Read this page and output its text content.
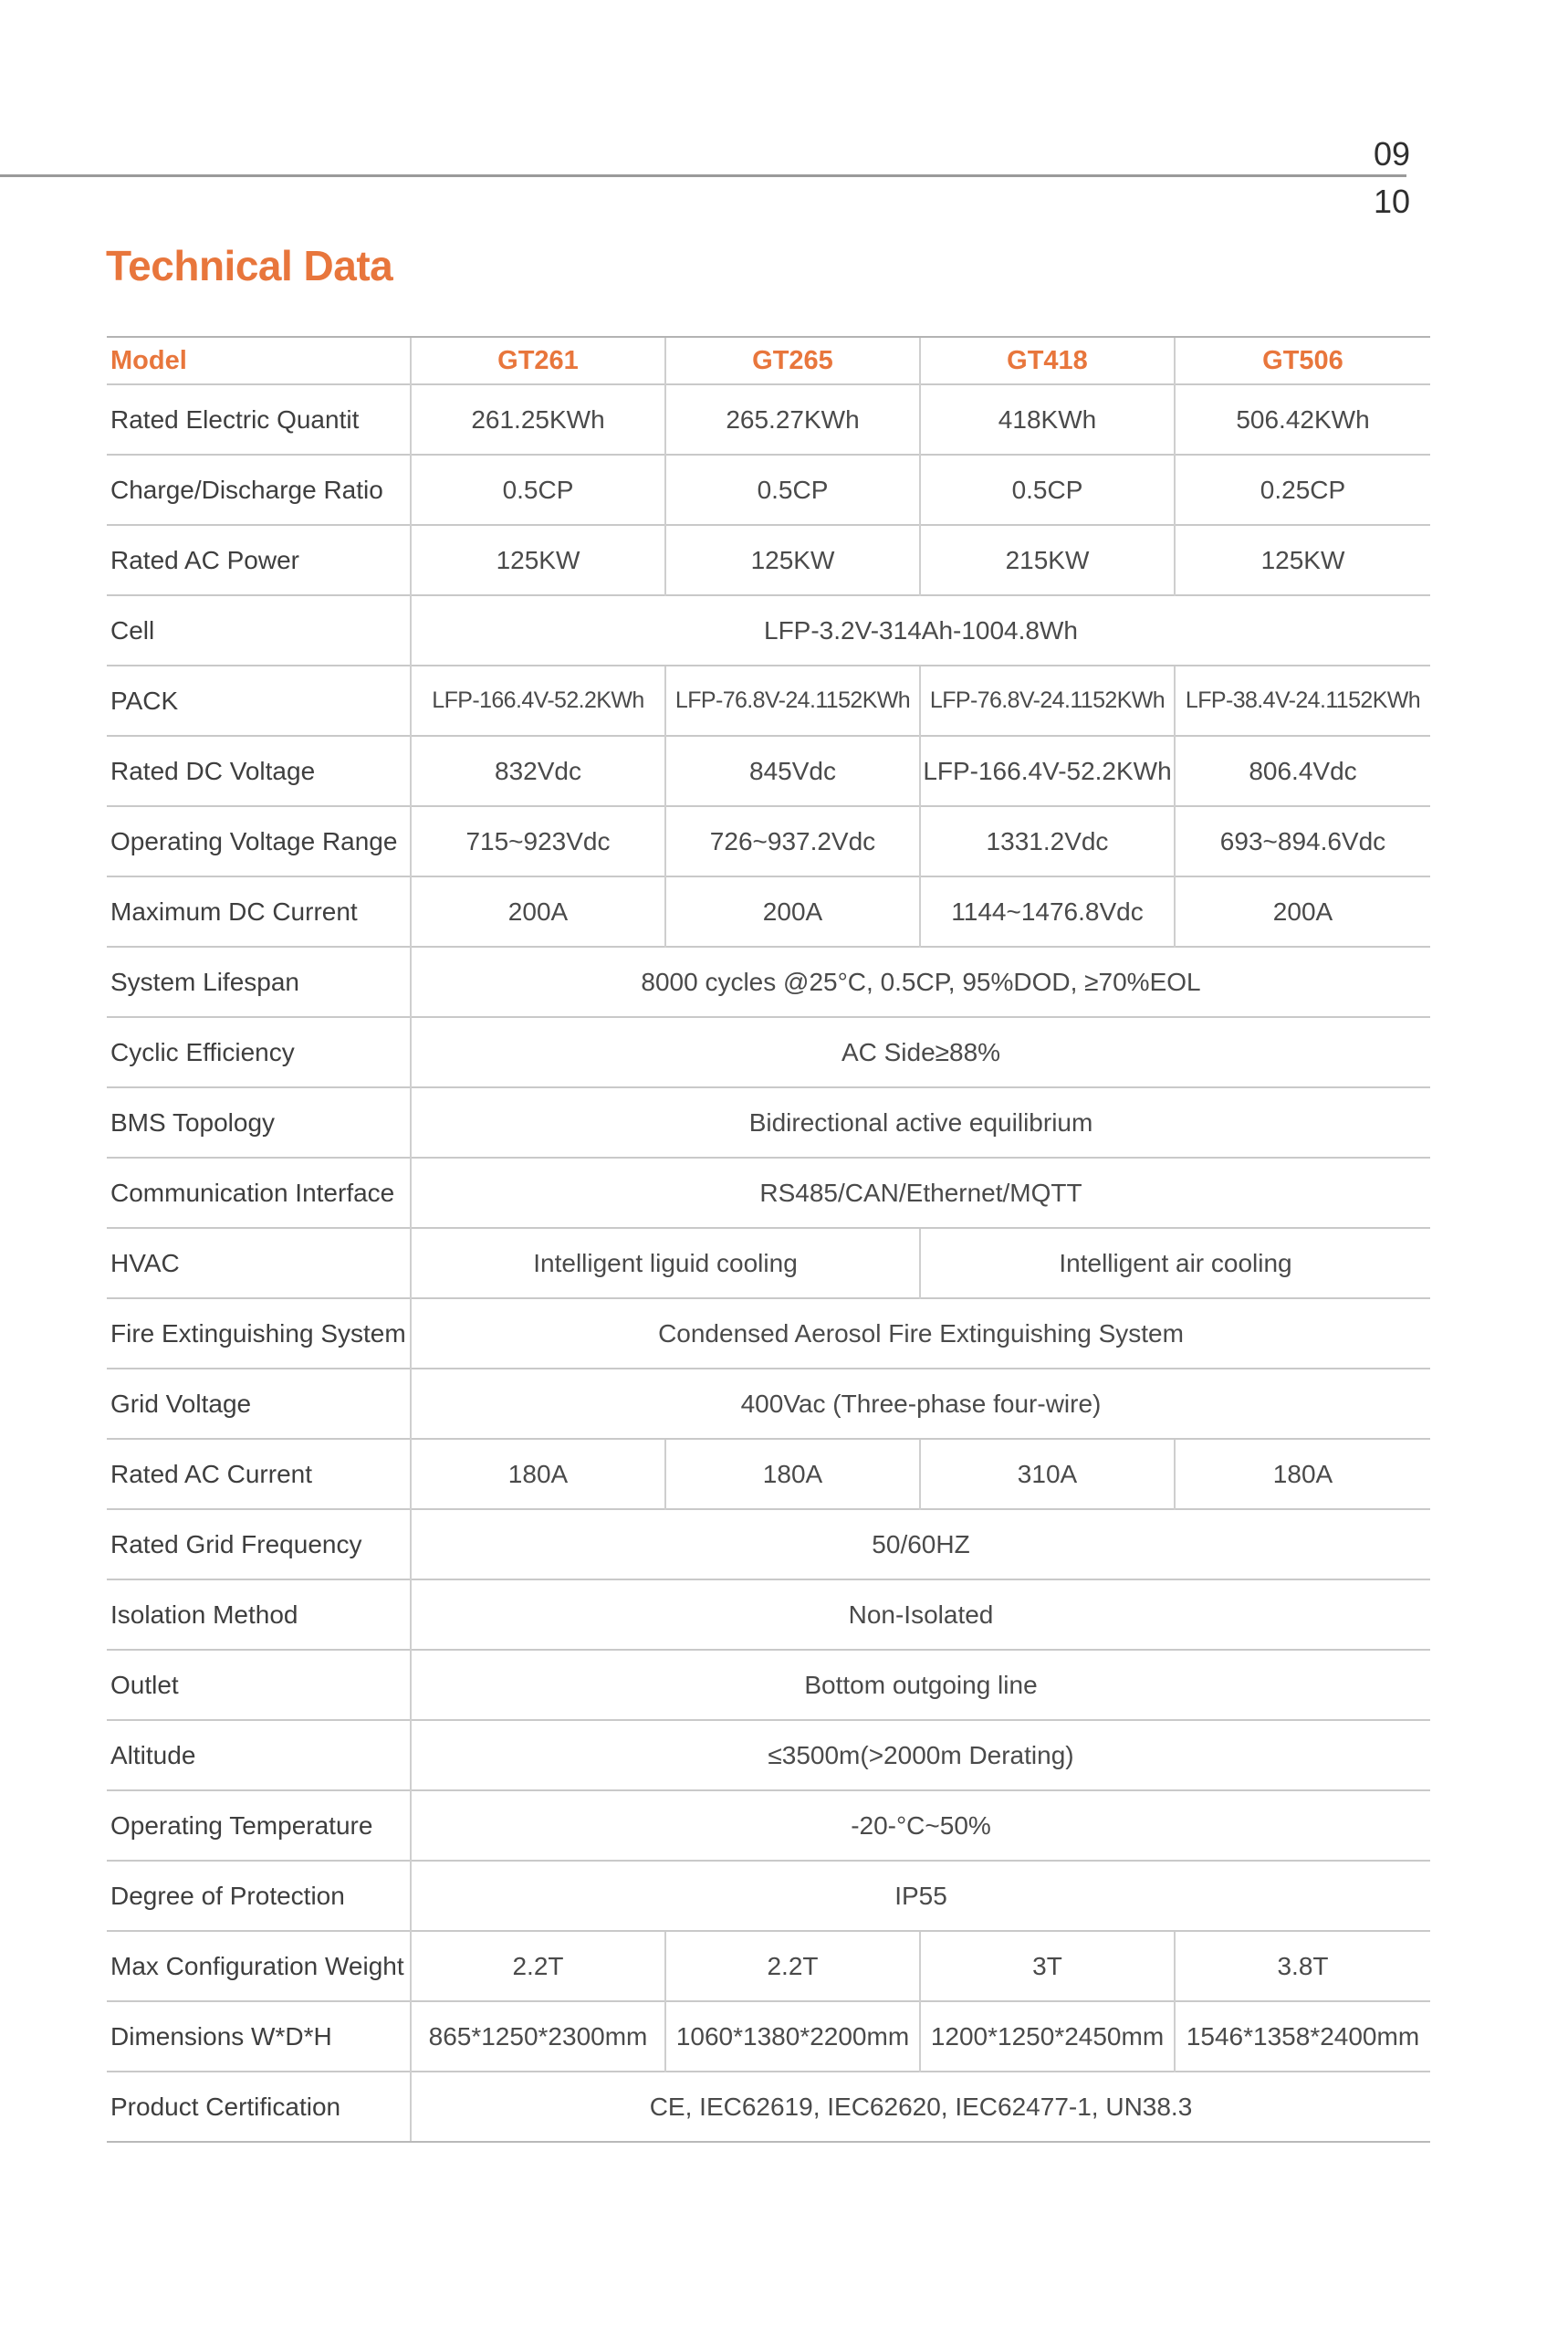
09
10
Technical Data
Model	GT261	GT265	GT418	GT506
Rated Electric Quantit	261.25KWh	265.27KWh	418KWh	506.42KWh
Charge/Discharge Ratio	0.5CP	0.5CP	0.5CP	0.25CP
Rated AC Power	125KW	125KW	215KW	125KW
Cell	LFP-3.2V-314Ah-1004.8Wh			
PACK	LFP-166.4V-52.2KWh	LFP-76.8V-24.1152KWh	LFP-76.8V-24.1152KWh	LFP-38.4V-24.1152KWh
Rated DC Voltage	832Vdc	845Vdc	LFP-166.4V-52.2KWh	806.4Vdc
Operating Voltage Range	715~923Vdc	726~937.2Vdc	1331.2Vdc	693~894.6Vdc
Maximum DC Current	200A	200A	1144~1476.8Vdc	200A
System Lifespan	8000 cycles @25°C, 0.5CP, 95%DOD, ≥70%EOL			
Cyclic Efficiency	AC Side≥88%			
BMS Topology	Bidirectional active equilibrium			
Communication Interface	RS485/CAN/Ethernet/MQTT			
HVAC	Intelligent liguid cooling		Intelligent air cooling	
Fire Extinguishing System	Condensed Aerosol Fire Extinguishing System			
Grid Voltage	400Vac (Three-phase four-wire)			
Rated AC Current	180A	180A	310A	180A
Rated Grid Frequency	50/60HZ			
Isolation Method	Non-Isolated			
Outlet	Bottom outgoing line			
Altitude	≤3500m(>2000m Derating)			
Operating Temperature	-20-°C~50%			
Degree of Protection	IP55			
Max Configuration Weight	2.2T	2.2T	3T	3.8T
Dimensions W*D*H	865*1250*2300mm	1060*1380*2200mm	1200*1250*2450mm	1546*1358*2400mm
Product Certification	CE, IEC62619, IEC62620, IEC62477-1, UN38.3			
